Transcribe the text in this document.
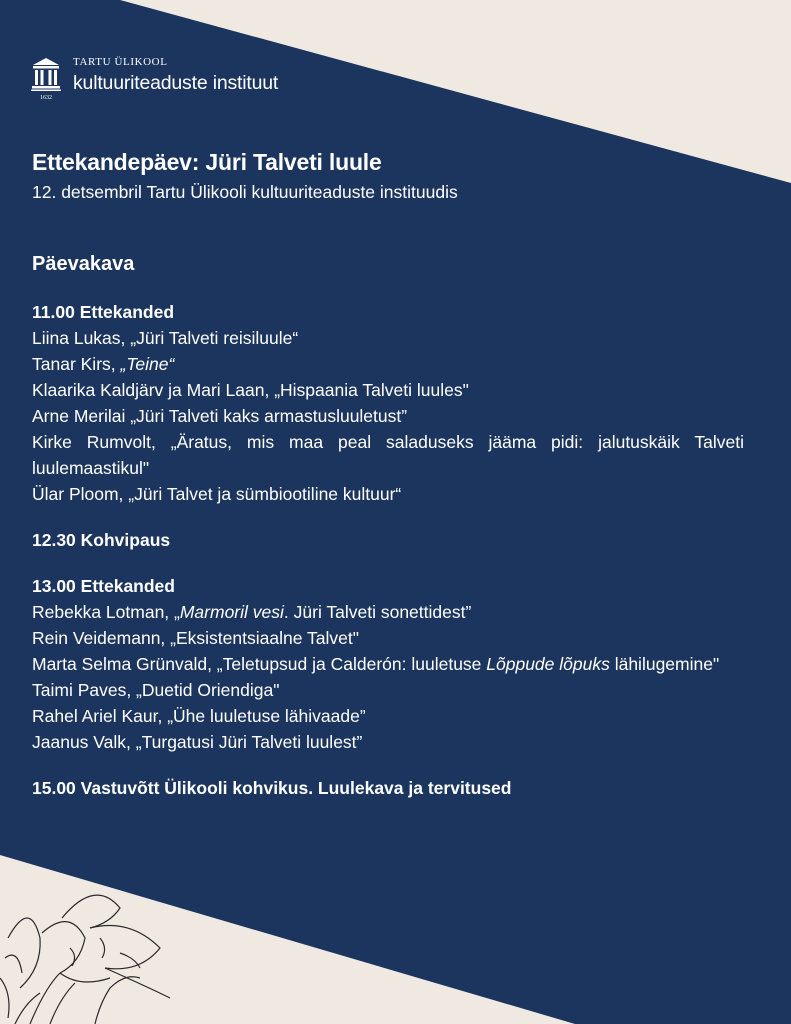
1632
TARTU ÜLIKOOL
kultuuriteaduste instituut
Ettekandepäev: Jüri Talveti luule
12. detsembril Tartu Ülikooli kultuuriteaduste instituudis
Päevakava
11.00 Ettekanded
Liina Lukas, „Jüri Talveti reisiluule“
Tanar Kirs, „Teine“
Klaarika Kaldjärv ja Mari Laan, „Hispaania Talveti luules"
Arne Merilai „Jüri Talveti kaks armastusluuletust”
Kirke Rumvolt, „Äratus, mis maa peal saladuseks jääma pidi: jalutuskäik Talveti luulemaastikul"
Ülar Ploom, „Jüri Talvet ja sümbiootiline kultuur“
12.30 Kohvipaus
13.00 Ettekanded
Rebekka Lotman, „Marmoril vesi. Jüri Talveti sonettidest”
Rein Veidemann, „Eksistentsiaalne Talvet"
Marta Selma Grünvald, „Teletupsud ja Calderón: luuletuse Lõppude lõpuks lähilugemine"
Taimi Paves, „Duetid Oriendiga"
Rahel Ariel Kaur, „Ühe luuletuse lähivaade”
Jaanus Valk, „Turgatusi Jüri Talveti luulest”
15.00 Vastuvõtt Ülikooli kohvikus. Luulekava ja tervitused
